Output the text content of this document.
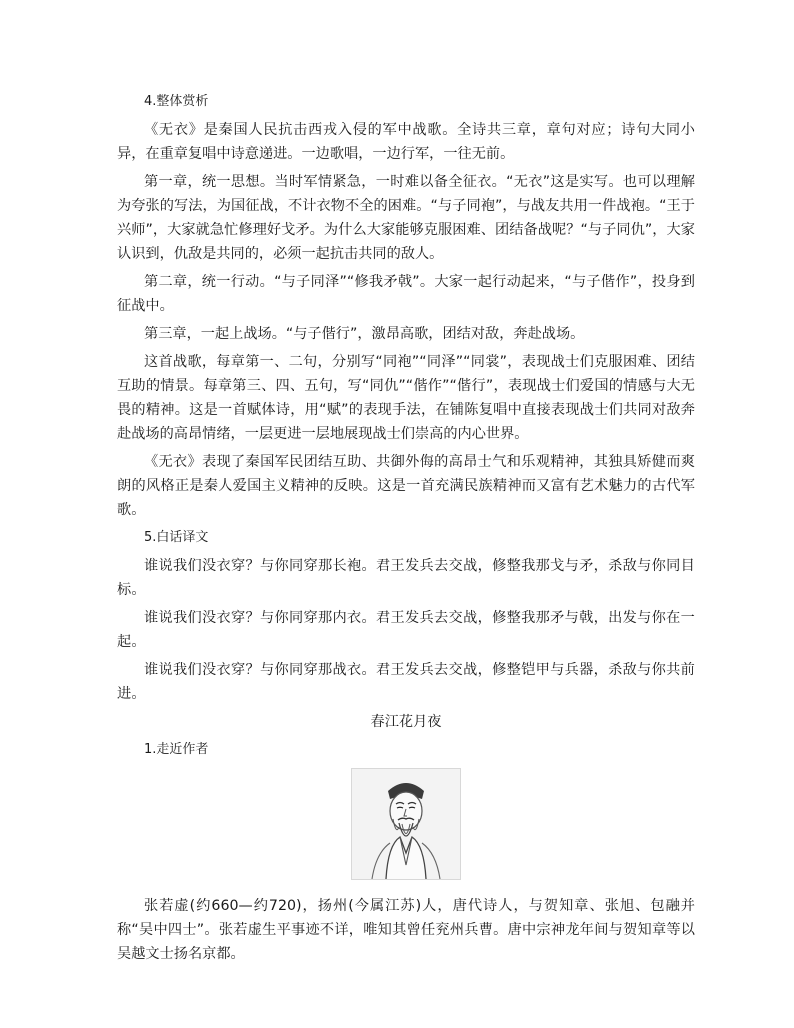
4.整体赏析

《无衣》是秦国人民抗击西戎入侵的军中战歌。全诗共三章，章句对应；诗句大同小异，在重章复唱中诗意递进。一边歌唱，一边行军，一往无前。

第一章，统一思想。当时军情紧急，一时难以备全征衣。“无衣”这是实写。也可以理解为夸张的写法，为国征战，不计衣物不全的困难。“与子同袍”，与战友共用一件战袍。“王于兴师”，大家就急忙修理好戈矛。为什么大家能够克服困难、团结备战呢？“与子同仇”，大家认识到，仇敌是共同的，必须一起抗击共同的敌人。

第二章，统一行动。“与子同泽”“修我矛戟”。大家一起行动起来，“与子偕作”，投身到征战中。

第三章，一起上战场。“与子偕行”，激昂高歌，团结对敌，奔赴战场。

这首战歌，每章第一、二句，分别写“同袍”“同泽”“同裳”，表现战士们克服困难、团结互助的情景。每章第三、四、五句，写“同仇”“偕作”“偕行”，表现战士们爱国的情感与大无畏的精神。这是一首赋体诗，用“赋”的表现手法，在铺陈复唱中直接表现战士们共同对敌奔赴战场的高昂情绪，一层更进一层地展现战士们崇高的内心世界。

《无衣》表现了秦国军民团结互助、共御外侮的高昂士气和乐观精神，其独具矫健而爽朗的风格正是秦人爱国主义精神的反映。这是一首充满民族精神而又富有艺术魅力的古代军歌。

5.白话译文

谁说我们没衣穿？与你同穿那长袍。君王发兵去交战，修整我那戈与矛，杀敌与你同目标。

谁说我们没衣穿？与你同穿那内衣。君王发兵去交战，修整我那矛与戟，出发与你在一起。

谁说我们没衣穿？与你同穿那战衣。君王发兵去交战，修整铠甲与兵器，杀敌与你共前进。

春江花月夜
1.走近作者

张若虚(约660—约720)，扬州(今属江苏)人，唐代诗人，与贺知章、张旭、包融并称“吴中四士”。张若虚生平事迹不详，唯知其曾任兖州兵曹。唐中宗神龙年间与贺知章等以吴越文士扬名京都。
